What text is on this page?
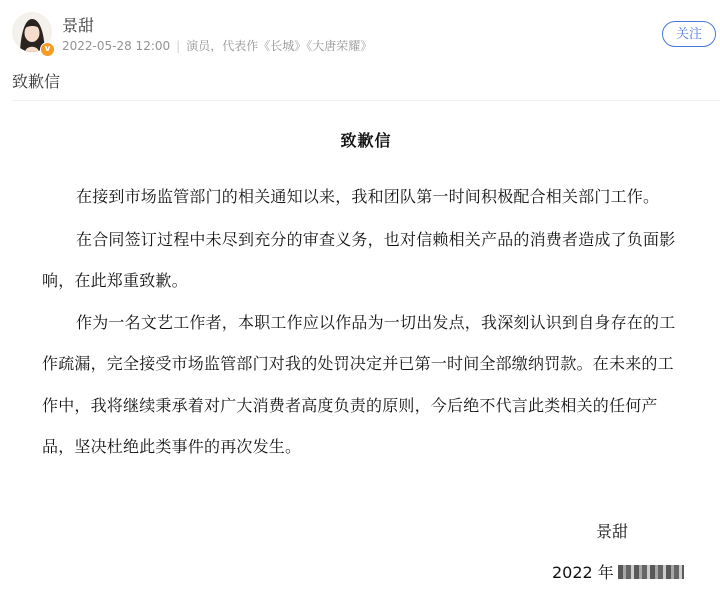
v
景甜
2022-05-28 12:00 | 演员，代表作《长城》《大唐荣耀》
关注
致歉信
致歉信
在接到市场监管部门的相关通知以来，我和团队第一时间积极配合相关部门工作。
在合同签订过程中未尽到充分的审查义务，也对信赖相关产品的消费者造成了负面影
响，在此郑重致歉。
作为一名文艺工作者，本职工作应以作品为一切出发点，我深刻认识到自身存在的工
作疏漏，完全接受市场监管部门对我的处罚决定并已第一时间全部缴纳罚款。在未来的工
作中，我将继续秉承着对广大消费者高度负责的原则，今后绝不代言此类相关的任何产
品，坚决杜绝此类事件的再次发生。
景甜
2022 年
